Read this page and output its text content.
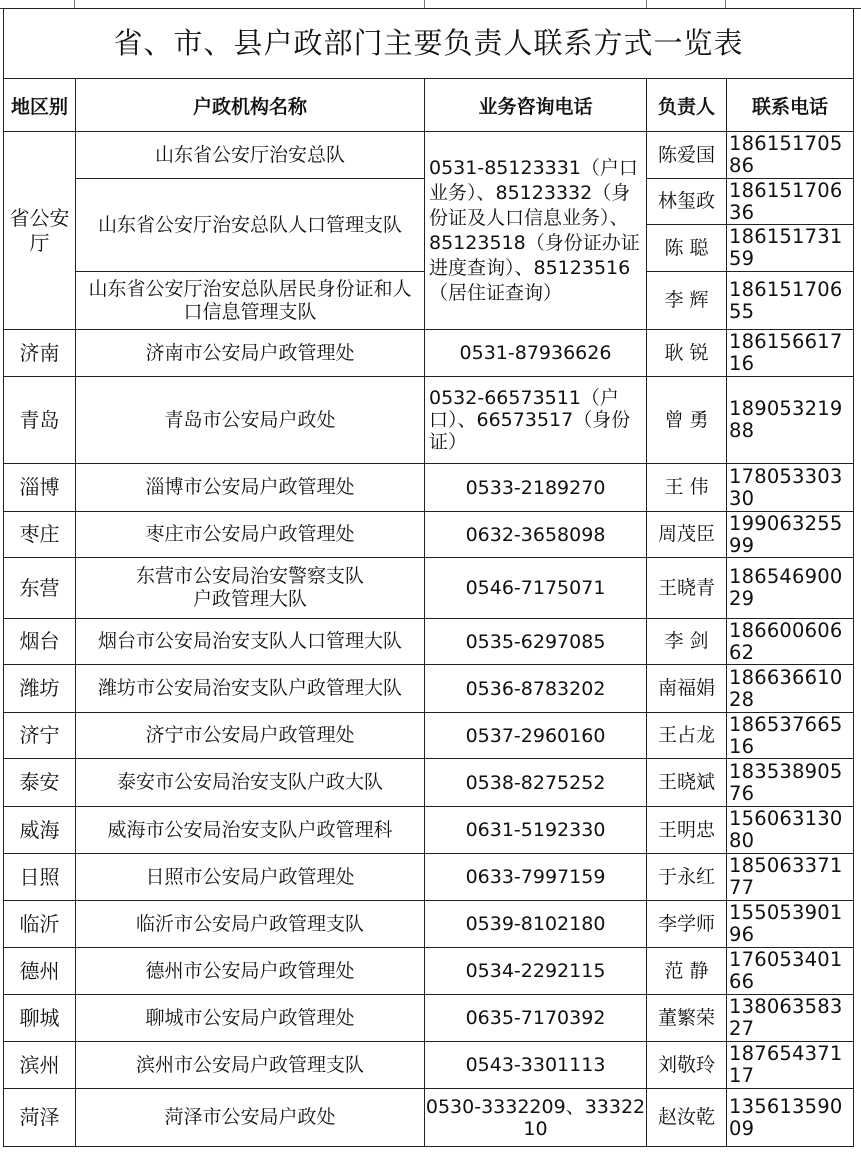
省、市、县户政部门主要负责人联系方式一览表				
地区别	户政机构名称	业务咨询电话	负责人	联系电话
省公安厅	山东省公安厅治安总队	0531-85123331（户口业务）、85123332（身份证及人口信息业务）、85123518（身份证办证进度查询）、85123516（居住证查询）	陈爱国	18615170586
	山东省公安厅治安总队人口管理支队		林玺政	18615170636
			陈 聪	18615173159
	山东省公安厅治安总队居民身份证和人口信息管理支队		李 辉	18615170655
济南	济南市公安局户政管理处	0531-87936626	耿 锐	18615661716
青岛	青岛市公安局户政处	0532-66573511（户口）、66573517（身份证）	曾 勇	18905321988
淄博	淄博市公安局户政管理处	0533-2189270	王 伟	17805330330
枣庄	枣庄市公安局户政管理处	0632-3658098	周茂臣	19906325599
东营	东营市公安局治安警察支队户政管理大队	0546-7175071	王晓青	18654690029
烟台	烟台市公安局治安支队人口管理大队	0535-6297085	李 剑	18660060662
潍坊	潍坊市公安局治安支队户政管理大队	0536-8783202	南福娟	18663661028
济宁	济宁市公安局户政管理处	0537-2960160	王占龙	18653766516
泰安	泰安市公安局治安支队户政大队	0538-8275252	王晓斌	18353890576
威海	威海市公安局治安支队户政管理科	0631-5192330	王明忠	15606313080
日照	日照市公安局户政管理处	0633-7997159	于永红	18506337177
临沂	临沂市公安局户政管理支队	0539-8102180	李学师	15505390196
德州	德州市公安局户政管理处	0534-2292115	范 静	17605340166
聊城	聊城市公安局户政管理处	0635-7170392	董繁荣	13806358327
滨州	滨州市公安局户政管理支队	0543-3301113	刘敬玲	18765437117
菏泽	菏泽市公安局户政处	0530-3332209、3332210	赵汝乾	13561359009
